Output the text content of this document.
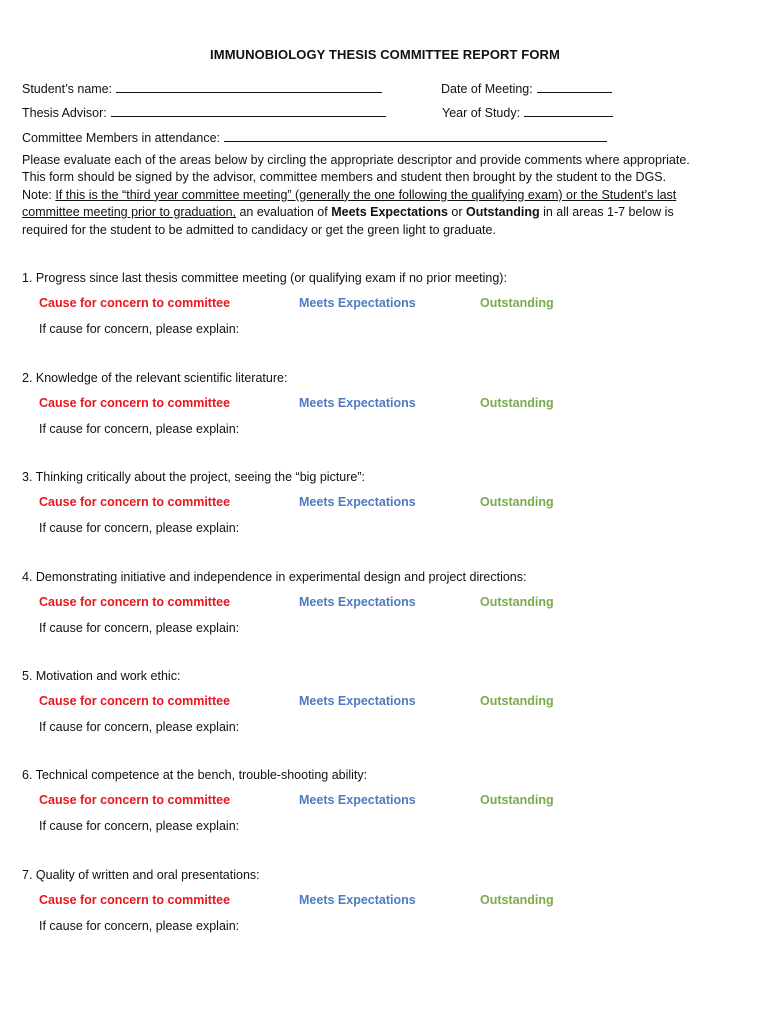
IMMUNOBIOLOGY THESIS COMMITTEE REPORT FORM
Student’s name:	Date of Meeting:
Thesis Advisor:	Year of Study:
Committee Members in attendance:
Please evaluate each of the areas below by circling the appropriate descriptor and provide comments where appropriate. This form should be signed by the advisor, committee members and student then brought by the student to the DGS.
Note: If this is the “third year committee meeting” (generally the one following the qualifying exam) or the Student’s last committee meeting prior to graduation, an evaluation of Meets Expectations or Outstanding in all areas 1-7 below is required for the student to be admitted to candidacy or get the green light to graduate.
1. Progress since last thesis committee meeting (or qualifying exam if no prior meeting):
Cause for concern to committee	Meets Expectations	Outstanding
If cause for concern, please explain:
2. Knowledge of the relevant scientific literature:
Cause for concern to committee	Meets Expectations	Outstanding
If cause for concern, please explain:
3. Thinking critically about the project, seeing the “big picture”:
Cause for concern to committee	Meets Expectations	Outstanding
If cause for concern, please explain:
4. Demonstrating initiative and independence in experimental design and project directions:
Cause for concern to committee	Meets Expectations	Outstanding
If cause for concern, please explain:
5. Motivation and work ethic:
Cause for concern to committee	Meets Expectations	Outstanding
If cause for concern, please explain:
6. Technical competence at the bench, trouble-shooting ability:
Cause for concern to committee	Meets Expectations	Outstanding
If cause for concern, please explain:
7. Quality of written and oral presentations:
Cause for concern to committee	Meets Expectations	Outstanding
If cause for concern, please explain:
